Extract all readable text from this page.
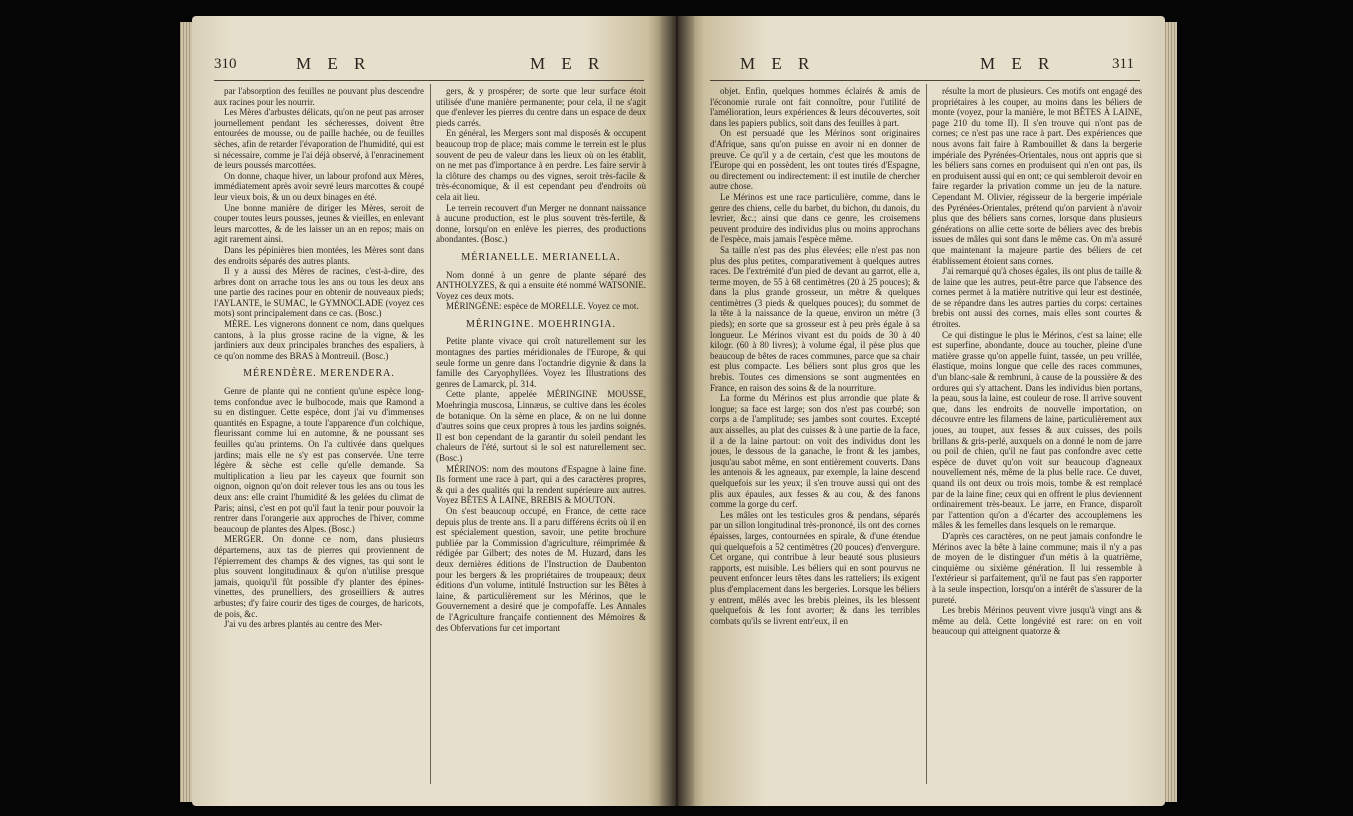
310	M E R	M E R

par l'absorption des feuilles ne pouvant plus descendre aux racines pour les nourrir.

Les Mères d'arbustes délicats, qu'on ne peut pas arroser journellement pendant les sécheresses, doivent être entourées de mousse, ou de paille hachée, ou de feuilles sèches, afin de retarder l'évaporation de l'humidité, qui est si nécessaire, comme je l'ai déjà observé, à l'enracinement de leurs poussés marcottées.

On donne, chaque hiver, un labour profond aux Mères, immédiatement après avoir sevré leurs marcottes & coupé leur vieux bois, & un ou deux binages en été.

Une bonne manière de diriger les Mères, seroit de couper toutes leurs pousses, jeunes & vieilles, en enlevant leurs marcottes, & de les laisser un an en repos; mais on agit rarement ainsi.

Dans les pépinières bien montées, les Mères sont dans des endroits séparés des autres plants.

Il y a aussi des Mères de racines, c'est-à-dire, des arbres dont on arrache tous les ans ou tous les deux ans une partie des racines pour en obtenir de nouveaux pieds; l'AYLANTE, le SUMAC, le GYMNOCLADE (voyez ces mots) sont principalement dans ce cas. (Bosc.)

MÈRE. Les vignerons donnent ce nom, dans quelques cantons, à la plus grosse racine de la vigne, & les jardiniers aux deux principales branches des espaliers, à ce qu'on nomme des BRAS à Montreuil. (Bosc.)

MÉRENDÈRE. MERENDERA.

Genre de plante qui ne contient qu'une espèce long-tems confondue avec le bulbocode, mais que Ramond a su en distinguer. Cette espèce, dont j'ai vu d'immenses quantités en Espagne, a toute l'apparence d'un colchique, fleurissant comme lui en automne, & ne poussant ses feuilles qu'au printems. On l'a cultivée dans quelques jardins; mais elle ne s'y est pas conservée. Une terre légère & sèche est celle qu'elle demande. Sa multiplication a lieu par les cayeux que fournit son oignon, oignon qu'on doit relever tous les ans ou tous les deux ans: elle craint l'humidité & les gelées du climat de Paris; ainsi, c'est en pot qu'il faut la tenir pour pouvoir la rentrer dans l'orangerie aux approches de l'hiver, comme beaucoup de plantes des Alpes. (Bosc.)

MERGER. On donne ce nom, dans plusieurs départemens, aux tas de pierres qui proviennent de l'épierrement des champs & des vignes, tas qui sont le plus souvent longitudinaux & qu'on n'utilise presque jamais, quoiqu'il fût possible d'y planter des épines-vinettes, des prunelliers, des groseilliers & autres arbustes; d'y faire courir des tiges de courges, de haricots, de pois, &c.

J'ai vu des arbres plantés au centre des Mer-

gers, & y prospérer; de sorte que leur surface étoit utilisée d'une manière permanente; pour cela, il ne s'agit que d'enlever les pierres du centre dans un espace de deux pieds carrés.

En général, les Mergers sont mal disposés & occupent beaucoup trop de place; mais comme le terrein est le plus souvent de peu de valeur dans les lieux où on les établit, on ne met pas d'importance à en perdre. Les faire servir à la clôture des champs ou des vignes, seroit très-facile & très-économique, & il est cependant peu d'endroits où cela ait lieu.

Le terrein recouvert d'un Merger ne donnant naissance à aucune production, est le plus souvent très-fertile, & donne, lorsqu'on en enlève les pierres, des productions abondantes. (Bosc.)

MÉRIANELLE. MERIANELLA.

Nom donné à un genre de plante séparé des ANTHOLYZES, & qui a ensuite été nommé WATSONIE. Voyez ces deux mots.

MÉRINGÈNE: espèce de MORELLE. Voyez ce mot.

MÉRINGINE. MOEHRINGIA.

Petite plante vivace qui croît naturellement sur les montagnes des parties méridionales de l'Europe, & qui seule forme un genre dans l'octandrie digynie & dans la famille des Caryophyllées. Voyez les Illustrations des genres de Lamarck, pl. 314.

Cette plante, appelée MÉRINGINE MOUSSE, Moehringia muscosa, Linnæus, se cultive dans les écoles de botanique. On la sème en place, & on ne lui donne d'autres soins que ceux propres à tous les jardins soignés. Il est bon cependant de la garantir du soleil pendant les chaleurs de l'été, surtout si le sol est naturellement sec. (Bosc.)

MÉRINOS: nom des moutons d'Espagne à laine fine. Ils forment une race à part, qui a des caractères propres, & qui a des qualités qui la rendent supérieure aux autres. Voyez BÊTES À LAINE, BREBIS & MOUTON.

On s'est beaucoup occupé, en France, de cette race depuis plus de trente ans. Il a paru différens écrits où il en est spécialement question, savoir, une petite brochure publiée par la Commission d'agriculture, réimprimée & rédigée par Gilbert; des notes de M. Huzard, dans les deux dernières éditions de l'Instruction de Daubenton pour les bergers & les propriétaires de troupeaux; deux éditions d'un volume, intitulé Instruction sur les Bêtes à laine, & particulièrement sur les Mérinos, que le Gouvernement a desiré que je compofaffe. Les Annales de l'Agriculture françaife contiennent des Mémoires & des Obfervations fur cet important

M E R	M E R	311

objet. Enfin, quelques hommes éclairés & amis de l'économie rurale ont fait connoître, pour l'utilité de l'amélioration, leurs expériences & leurs découvertes, soit dans les papiers publics, soit dans des feuilles à part.

On est persuadé que les Mérinos sont originaires d'Afrique, sans qu'on puisse en avoir ni en donner de preuve. Ce qu'il y a de certain, c'est que les moutons de l'Europe qui en possèdent, les ont toutes tirés d'Espagne, ou directement ou indirectement: il est inutile de chercher autre chose.

Le Mérinos est une race particulière, comme, dans le genre des chiens, celle du barbet, du bichon, du danois, du levrier, &c.; ainsi que dans ce genre, les croisemens peuvent produire des individus plus ou moins approchans de l'espèce, mais jamais l'espèce même.

Sa taille n'est pas des plus élevées; elle n'est pas non plus des plus petites, comparativement à quelques autres races. De l'extrémité d'un pied de devant au garrot, elle a, terme moyen, de 55 à 68 centimètres (20 à 25 pouces); & dans la plus grande grosseur, un mètre & quelques centimètres (3 pieds & quelques pouces); du sommet de la tête à la naissance de la queue, environ un mètre (3 pieds); en sorte que sa grosseur est à peu près égale à sa longueur. Le Mérinos vivant est du poids de 30 à 40 kilogr. (60 à 80 livres); à volume égal, il pèse plus que beaucoup de bêtes de races communes, parce que sa chair est plus compacte. Les béliers sont plus gros que les brebis. Toutes ces dimensions se sont augmentées en France, en raison des soins & de la nourriture.

La forme du Mérinos est plus arrondie que plate & longue; sa face est large; son dos n'est pas courbé; son corps a de l'amplitude; ses jambes sont courtes. Excepté aux aisselles, au plat des cuisses & à une partie de la face, il a de la laine partout: on voit des individus dont les joues, le dessous de la ganache, le front & les jambes, jusqu'au sabot même, en sont entièrement couverts. Dans les antenois & les agneaux, par exemple, la laine descend quelquefois sur les yeux; il s'en trouve aussi qui ont des plis aux épaules, aux fesses & au cou, & des fanons comme la gorge du cerf.

Les mâles ont les testicules gros & pendans, séparés par un sillon longitudinal très-prononcé, ils ont des cornes épaisses, larges, contournées en spirale, & d'une étendue qui quelquefois a 52 centimètres (20 pouces) d'envergure. Cet organe, qui contribue à leur beauté sous plusieurs rapports, est nuisible. Les béliers qui en sont pourvus ne peuvent enfoncer leurs têtes dans les ratteliers; ils exigent plus d'emplacement dans les bergeries. Lorsque les béliers y entrent, mêlés avec les brebis pleines, ils les blessent quelquefois & les font avorter; & dans les terribles combats qu'ils se livrent entr'eux, il en

résulte la mort de plusieurs. Ces motifs ont engagé des propriétaires à les couper, au moins dans les béliers de monte (voyez, pour la manière, le mot BÊTES À LAINE, page 210 du tome II). Il s'en trouve qui n'ont pas de cornes; ce n'est pas une race à part. Des expériences que nous avons fait faire à Rambouillet & dans la bergerie impériale des Pyrénées-Orientales, nous ont appris que si les béliers sans cornes en produisent qui n'en ont pas, ils en produisent aussi qui en ont; ce qui sembleroit devoir en faire regarder la privation comme un jeu de la nature. Cependant M. Olivier, régisseur de la bergerie impériale des Pyrénées-Orientales, prétend qu'on parvient à n'avoir plus que des béliers sans cornes, lorsque dans plusieurs générations on allie cette sorte de béliers avec des brebis issues de mâles qui sont dans le même cas. On m'a assuré que maintenant la majeure partie des béliers de cet établissement étoient sans cornes.

J'ai remarqué qu'à choses égales, ils ont plus de taille & de laine que les autres, peut-être parce que l'absence des cornes permet à la matière nutritive qui leur est destinée, de se répandre dans les autres parties du corps: certaines brebis ont aussi des cornes, mais elles sont courtes & étroites.

Ce qui distingue le plus le Mérinos, c'est sa laine; elle est superfine, abondante, douce au toucher, pleine d'une matière grasse qu'on appelle fuint, tassée, un peu vrillée, élastique, moins longue que celle des races communes, d'un blanc-sale & rembruni, à cause de la poussière & des ordures qui s'y attachent. Dans les individus bien portans, la peau, sous la laine, est couleur de rose. Il arrive souvent que, dans les endroits de nouvelle importation, on découvre entre les filamens de laine, particulièrement aux joues, au toupet, aux fesses & aux cuisses, des poils brillans & gris-perlé, auxquels on a donné le nom de jarre ou poil de chien, qu'il ne faut pas confondre avec cette espèce de duvet qu'on voit sur beaucoup d'agneaux nouvellement nés, même de la plus belle race. Ce duvet, quand ils ont deux ou trois mois, tombe & est remplacé par de la laine fine; ceux qui en offrent le plus deviennent ordinairement très-beaux. Le jarre, en France, disparoît par l'attention qu'on a d'écarter des accouplemens les mâles & les femelles dans lesquels on le remarque.

D'après ces caractères, on ne peut jamais confondre le Mérinos avec la bête à laine commune; mais il n'y a pas de moyen de le distinguer d'un métis à la quatrième, cinquième ou sixième génération. Il lui ressemble à l'extérieur si parfaitement, qu'il ne faut pas s'en rapporter à la seule inspection, lorsqu'on a intérêt de s'assurer de la pureté.

Les brebis Mérinos peuvent vivre jusqu'à vingt ans & même au delà. Cette longévité est rare: on en voit beaucoup qui atteignent quatorze &
